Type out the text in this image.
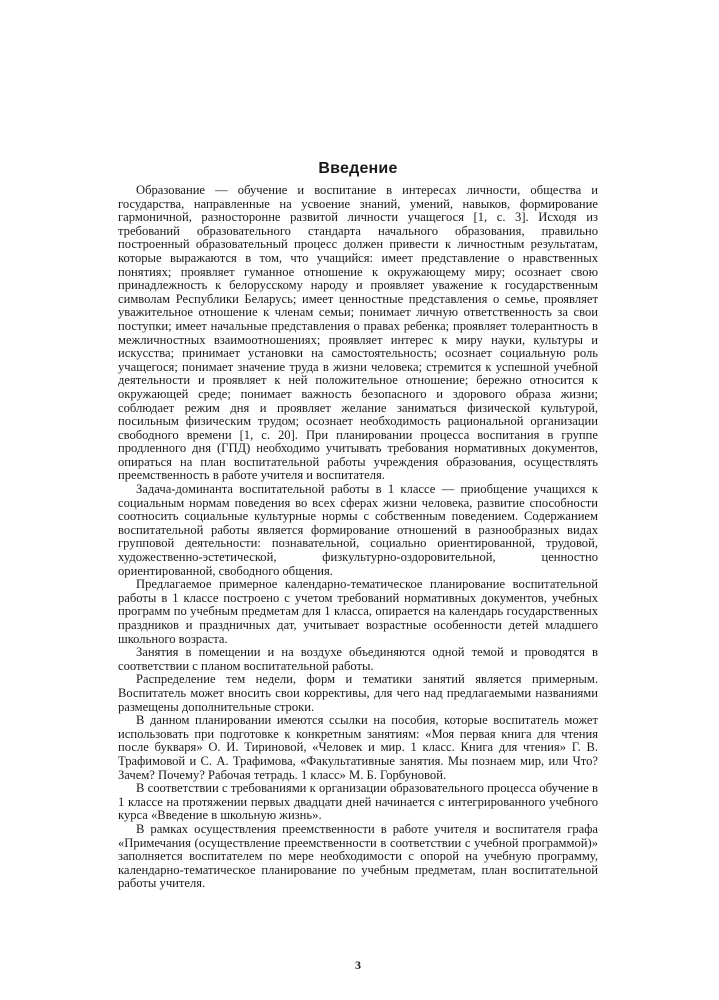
Введение

Образование — обучение и воспитание в интересах личности, общества и государства, направленные на усвоение знаний, умений, навыков, формирование гармоничной, разносторонне развитой личности учащегося [1, с. 3]. Исходя из требований образовательного стандарта начального образования, правильно построенный образовательный процесс должен привести к личностным результатам, которые выражаются в том, что учащийся: имеет представление о нравственных понятиях; проявляет гуманное отношение к окружающему миру; осознает свою принадлежность к белорусскому народу и проявляет уважение к государственным символам Республики Беларусь; имеет ценностные представления о семье, проявляет уважительное отношение к членам семьи; понимает личную ответственность за свои поступки; имеет начальные представления о правах ребенка; проявляет толерантность в межличностных взаимоотношениях; проявляет интерес к миру науки, культуры и искусства; принимает установки на самостоятельность; осознает социальную роль учащегося; понимает значение труда в жизни человека; стремится к успешной учебной деятельности и проявляет к ней положительное отношение; бережно относится к окружающей среде; понимает важность безопасного и здорового образа жизни; соблюдает режим дня и проявляет желание заниматься физической культурой, посильным физическим трудом; осознает необходимость рациональной организации свободного времени [1, с. 20]. При планировании процесса воспитания в группе продленного дня (ГПД) необходимо учитывать требования нормативных документов, опираться на план воспитательной работы учреждения образования, осуществлять преемственность в работе учителя и воспитателя.

Задача-доминанта воспитательной работы в 1 классе — приобщение учащихся к социальным нормам поведения во всех сферах жизни человека, развитие способности соотносить социальные культурные нормы с собственным поведением. Содержанием воспитательной работы является формирование отношений в разнообразных видах групповой деятельности: познавательной, социально ориентированной, трудовой, художественно-эстетической, физкультурно-оздоровительной, ценностно ориентированной, свободного общения.

Предлагаемое примерное календарно-тематическое планирование воспитательной работы в 1 классе построено с учетом требований нормативных документов, учебных программ по учебным предметам для 1 класса, опирается на календарь государственных праздников и праздничных дат, учитывает возрастные особенности детей младшего школьного возраста.

Занятия в помещении и на воздухе объединяются одной темой и проводятся в соответствии с планом воспитательной работы.

Распределение тем недели, форм и тематики занятий является примерным. Воспитатель может вносить свои коррективы, для чего над предлагаемыми названиями размещены дополнительные строки.

В данном планировании имеются ссылки на пособия, которые воспитатель может использовать при подготовке к конкретным занятиям: «Моя первая книга для чтения после букваря» О. И. Тириновой, «Человек и мир. 1 класс. Книга для чтения» Г. В. Трафимовой и С. А. Трафимова, «Факультативные занятия. Мы познаем мир, или Что? Зачем? Почему? Рабочая тетрадь. 1 класс» М. Б. Горбуновой.

В соответствии с требованиями к организации образовательного процесса обучение в 1 классе на протяжении первых двадцати дней начинается с интегрированного учебного курса «Введение в школьную жизнь».

В рамках осуществления преемственности в работе учителя и воспитателя графа «Примечания (осуществление преемственности в соответствии с учебной программой)» заполняется воспитателем по мере необходимости с опорой на учебную программу, календарно-тематическое планирование по учебным предметам, план воспитательной работы учителя.

3
